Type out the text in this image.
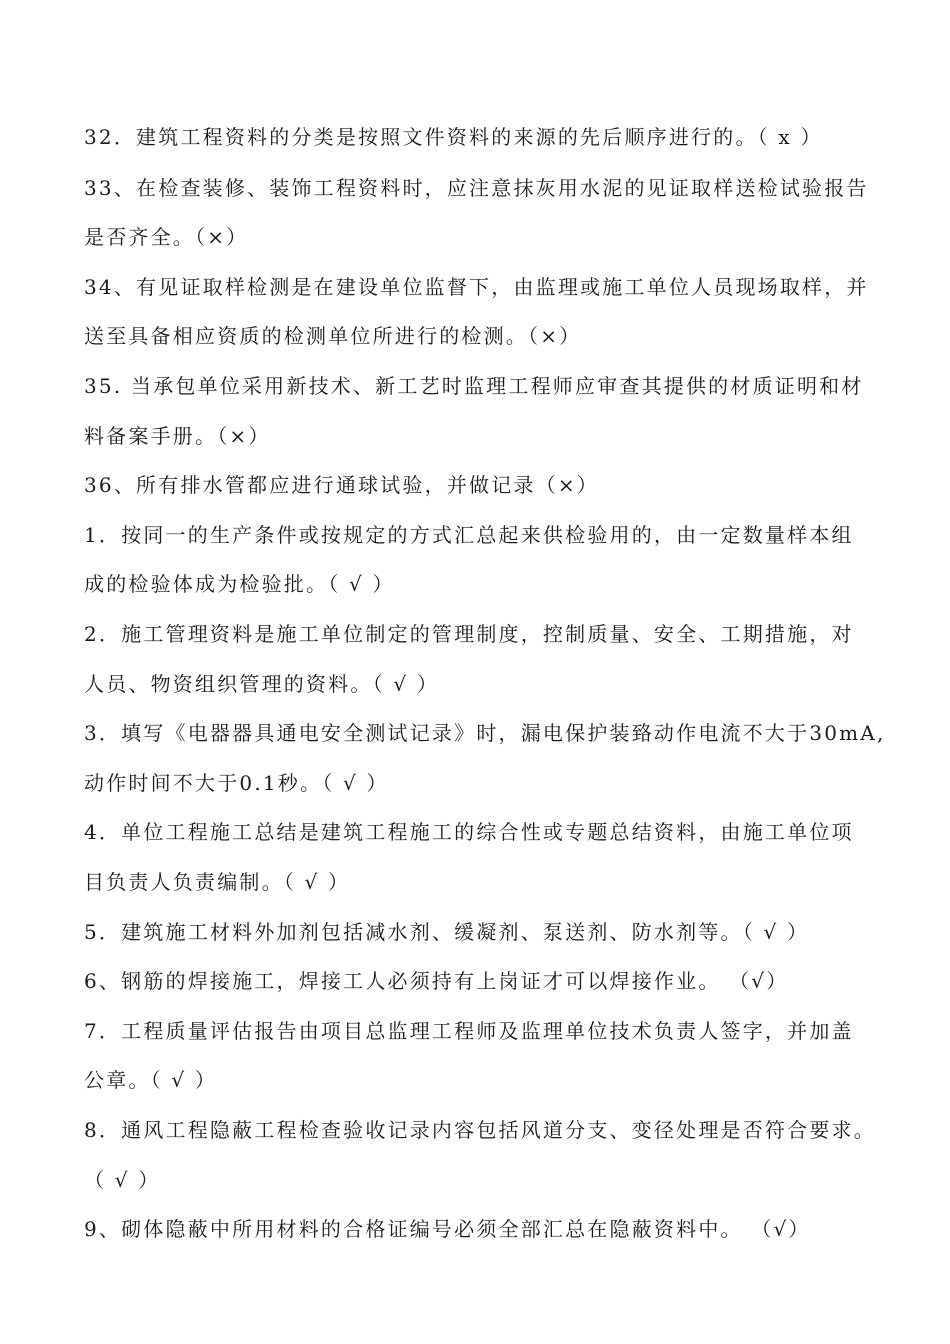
32．建筑工程资料的分类是按照文件资料的来源的先后顺序进行的。（ x ）
33、在检查装修、装饰工程资料时，应注意抹灰用水泥的见证取样送检试验报告
是否齐全。（×）
34、有见证取样检测是在建设单位监督下，由监理或施工单位人员现场取样，并
送至具备相应资质的检测单位所进行的检测。（×）
35. 当承包单位采用新技术、新工艺时监理工程师应审查其提供的材质证明和材
料备案手册。（×）
36、所有排水管都应进行通球试验，并做记录（×）
1．按同一的生产条件或按规定的方式汇总起来供检验用的，由一定数量样本组
成的检验体成为检验批。（ √ ）
2．施工管理资料是施工单位制定的管理制度，控制质量、安全、工期措施，对
人员、物资组织管理的资料。（ √ ）
3．填写《电器器具通电安全测试记录》时，漏电保护装臵动作电流不大于30mA,
动作时间不大于0.1秒。（ √ ）
4．单位工程施工总结是建筑工程施工的综合性或专题总结资料，由施工单位项
目负责人负责编制。（ √ ）
5．建筑施工材料外加剂包括减水剂、缓凝剂、泵送剂、防水剂等。（ √ ）
6、钢筋的焊接施工，焊接工人必须持有上岗证才可以焊接作业。 （√）
7．工程质量评估报告由项目总监理工程师及监理单位技术负责人签字，并加盖
公章。（ √ ）
8．通风工程隐蔽工程检查验收记录内容包括风道分支、变径处理是否符合要求。
（ √ ）
9、砌体隐蔽中所用材料的合格证编号必须全部汇总在隐蔽资料中。 （√）
